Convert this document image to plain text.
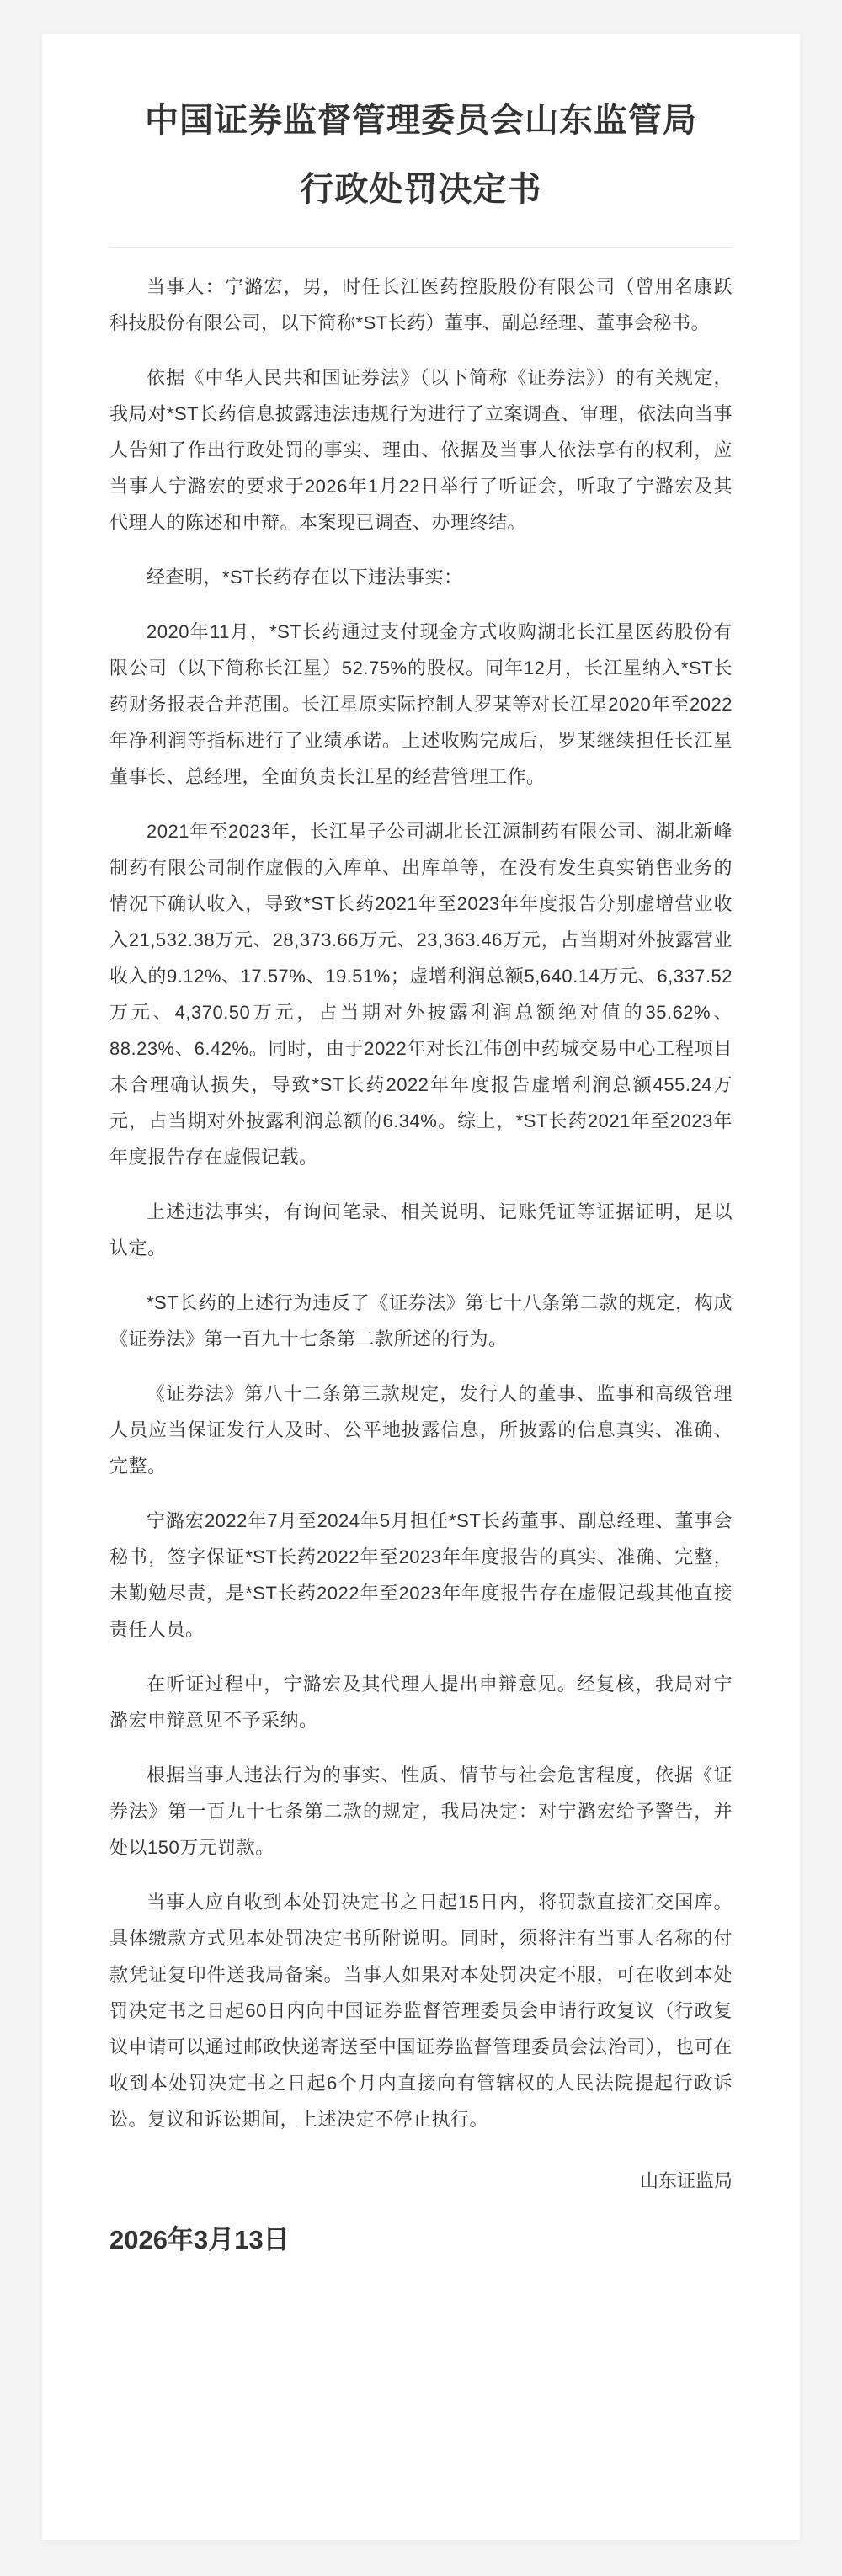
中国证券监督管理委员会山东监管局
行政处罚决定书

当事人：宁潞宏，男，时任长江医药控股股份有限公司（曾用名康跃科技股份有限公司，以下简称*ST长药）董事、副总经理、董事会秘书。

依据《中华人民共和国证券法》（以下简称《证券法》）的有关规定，我局对*ST长药信息披露违法违规行为进行了立案调查、审理，依法向当事人告知了作出行政处罚的事实、理由、依据及当事人依法享有的权利，应当事人宁潞宏的要求于2026年1月22日举行了听证会，听取了宁潞宏及其代理人的陈述和申辩。本案现已调查、办理终结。

经查明，*ST长药存在以下违法事实：

2020年11月，*ST长药通过支付现金方式收购湖北长江星医药股份有限公司（以下简称长江星）52.75%的股权。同年12月，长江星纳入*ST长药财务报表合并范围。长江星原实际控制人罗某等对长江星2020年至2022年净利润等指标进行了业绩承诺。上述收购完成后，罗某继续担任长江星董事长、总经理，全面负责长江星的经营管理工作。

2021年至2023年，长江星子公司湖北长江源制药有限公司、湖北新峰制药有限公司制作虚假的入库单、出库单等，在没有发生真实销售业务的情况下确认收入，导致*ST长药2021年至2023年年度报告分别虚增营业收入21,532.38万元、28,373.66万元、23,363.46万元，占当期对外披露营业收入的9.12%、17.57%、19.51%；虚增利润总额5,640.14万元、6,337.52万元、4,370.50万元，占当期对外披露利润总额绝对值的35.62%、88.23%、6.42%。同时，由于2022年对长江伟创中药城交易中心工程项目未合理确认损失，导致*ST长药2022年年度报告虚增利润总额455.24万元，占当期对外披露利润总额的6.34%。综上，*ST长药2021年至2023年年度报告存在虚假记载。

上述违法事实，有询问笔录、相关说明、记账凭证等证据证明，足以认定。

*ST长药的上述行为违反了《证券法》第七十八条第二款的规定，构成《证券法》第一百九十七条第二款所述的行为。

《证券法》第八十二条第三款规定，发行人的董事、监事和高级管理人员应当保证发行人及时、公平地披露信息，所披露的信息真实、准确、完整。

宁潞宏2022年7月至2024年5月担任*ST长药董事、副总经理、董事会秘书，签字保证*ST长药2022年至2023年年度报告的真实、准确、完整，未勤勉尽责，是*ST长药2022年至2023年年度报告存在虚假记载其他直接责任人员。

在听证过程中，宁潞宏及其代理人提出申辩意见。经复核，我局对宁潞宏申辩意见不予采纳。

根据当事人违法行为的事实、性质、情节与社会危害程度，依据《证券法》第一百九十七条第二款的规定，我局决定：对宁潞宏给予警告，并处以150万元罚款。

当事人应自收到本处罚决定书之日起15日内，将罚款直接汇交国库。具体缴款方式见本处罚决定书所附说明。同时，须将注有当事人名称的付款凭证复印件送我局备案。当事人如果对本处罚决定不服，可在收到本处罚决定书之日起60日内向中国证券监督管理委员会申请行政复议（行政复议申请可以通过邮政快递寄送至中国证券监督管理委员会法治司），也可在收到本处罚决定书之日起6个月内直接向有管辖权的人民法院提起行政诉讼。复议和诉讼期间，上述决定不停止执行。

山东证监局
2026年3月13日
